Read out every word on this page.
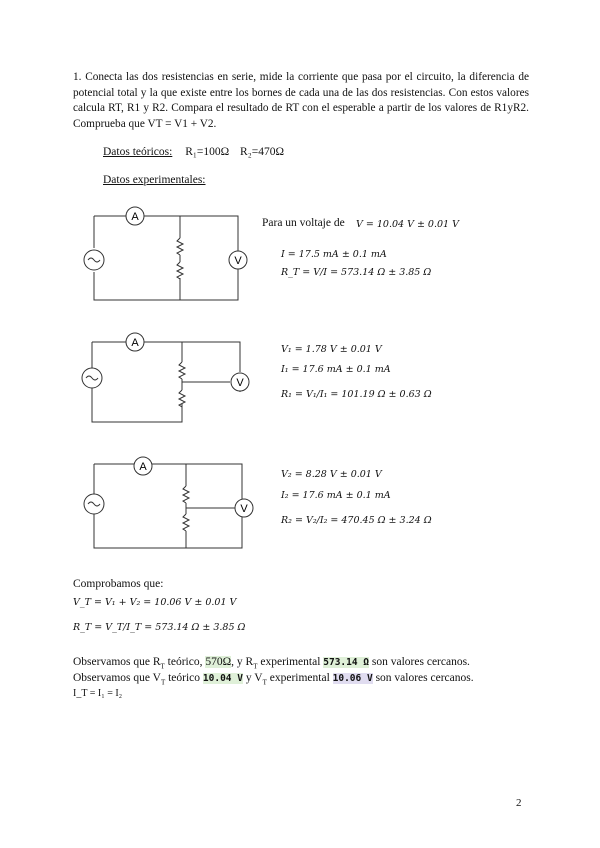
1. Conecta las dos resistencias en serie, mide la corriente que pasa por el circuito, la diferencia de potencial total y la que existe entre los bornes de cada una de las dos resistencias. Con estos valores calcula RT, R1 y R2. Compara el resultado de RT con el esperable a partir de los valores de R1yR2. Comprueba que VT = V1 + V2.
Datos teóricos: R₁=100Ω R₂=470Ω
Datos experimentales:
A
V
Para un voltaje de V = 10.04 V ± 0.01 V
I = 17.5 mA ± 0.1 mA
R_T = V/I = 573.14 Ω ± 3.85 Ω
A
V
V₁ = 1.78 V ± 0.01 V
I₁ = 17.6 mA ± 0.1 mA
R₁ = V₁/I₁ = 101.19 Ω ± 0.63 Ω
A
V
V₂ = 8.28 V ± 0.01 V
I₂ = 17.6 mA ± 0.1 mA
R₂ = V₂/I₂ = 470.45 Ω ± 3.24 Ω
Comprobamos que:
V_T = V₁ + V₂ = 10.06 V ± 0.01 V
R_T = V_T/I_T = 573.14 Ω ± 3.85 Ω
Observamos que $R_T$ teórico, 570Ω, y $R_T$ experimental 573.14 Ω son valores cercanos.
Observamos que $V_T$ teórico 10.04 V y $V_T$ experimental 10.06 V son valores cercanos.
I_T = I₁ = I₂
2
